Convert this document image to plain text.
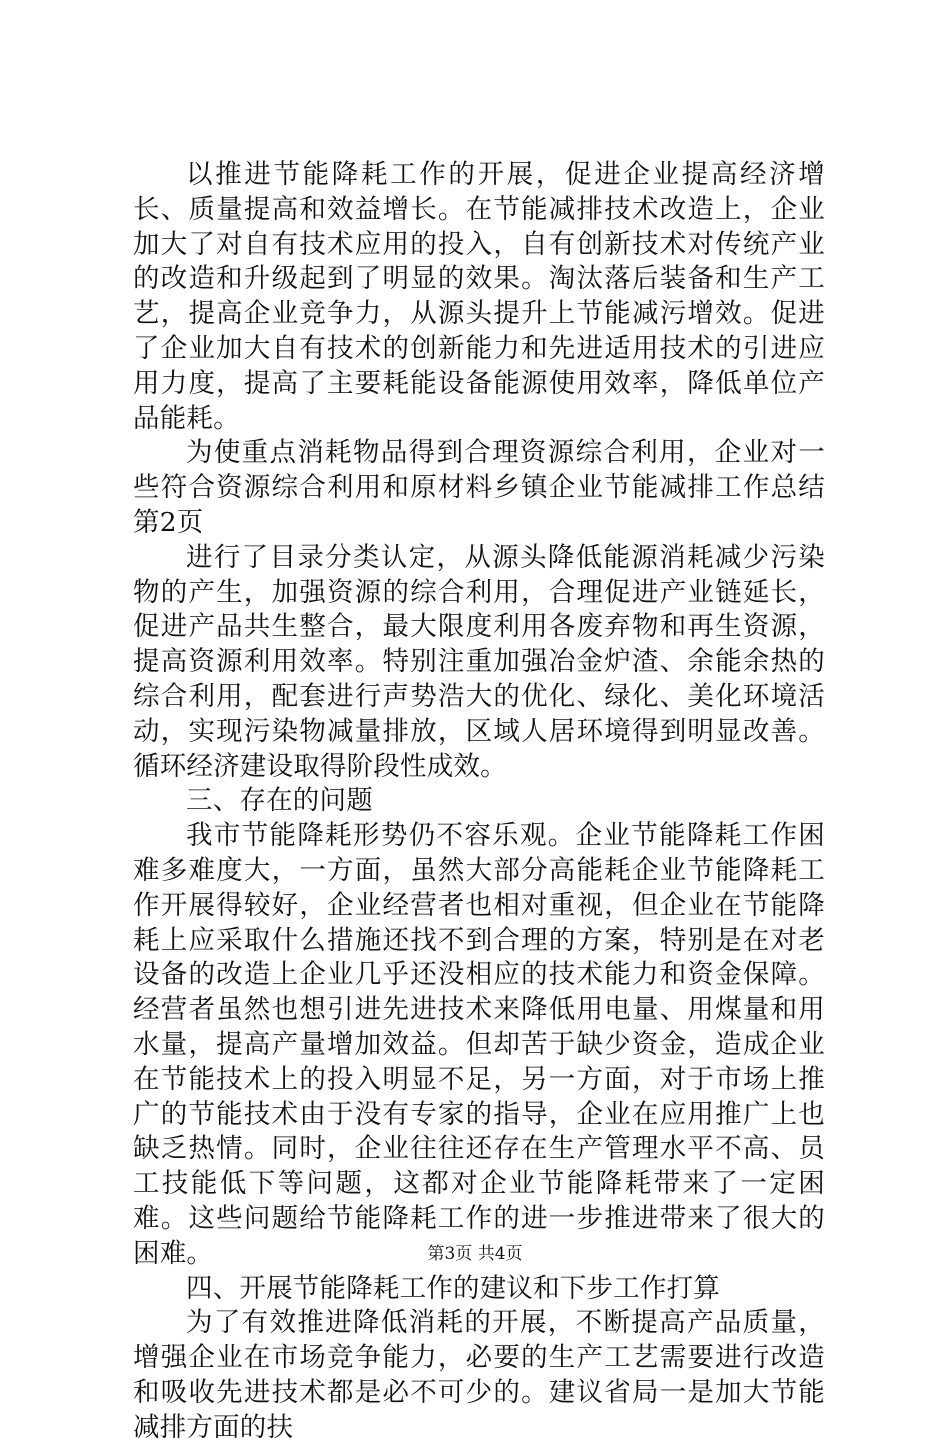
以推进节能降耗工作的开展，促进企业提高经济增长、质量提高和效益增长。在节能减排技术改造上，企业加大了对自有技术应用的投入，自有创新技术对传统产业的改造和升级起到了明显的效果。淘汰落后装备和生产工艺，提高企业竞争力，从源头提升上节能减污增效。促进了企业加大自有技术的创新能力和先进适用技术的引进应用力度，提高了主要耗能设备能源使用效率，降低单位产品能耗。

为使重点消耗物品得到合理资源综合利用，企业对一些符合资源综合利用和原材料乡镇企业节能减排工作总结第2页

进行了目录分类认定，从源头降低能源消耗减少污染物的产生，加强资源的综合利用，合理促进产业链延长，促进产品共生整合，最大限度利用各废弃物和再生资源，提高资源利用效率。特别注重加强冶金炉渣、余能余热的综合利用，配套进行声势浩大的优化、绿化、美化环境活动，实现污染物减量排放，区域人居环境得到明显改善。循环经济建设取得阶段性成效。

三、存在的问题

我市节能降耗形势仍不容乐观。企业节能降耗工作困难多难度大，一方面，虽然大部分高能耗企业节能降耗工作开展得较好，企业经营者也相对重视，但企业在节能降耗上应采取什么措施还找不到合理的方案，特别是在对老设备的改造上企业几乎还没相应的技术能力和资金保障。经营者虽然也想引进先进技术来降低用电量、用煤量和用水量，提高产量增加效益。但却苦于缺少资金，造成企业在节能技术上的投入明显不足，另一方面，对于市场上推广的节能技术由于没有专家的指导，企业在应用推广上也缺乏热情。同时，企业往往还存在生产管理水平不高、员工技能低下等问题，这都对企业节能降耗带来了一定困难。这些问题给节能降耗工作的进一步推进带来了很大的困难。

四、开展节能降耗工作的建议和下步工作打算

为了有效推进降低消耗的开展，不断提高产品质量，增强企业在市场竞争能力，必要的生产工艺需要进行改造和吸收先进技术都是必不可少的。建议省局一是加大节能减排方面的扶

第3页 共4页
